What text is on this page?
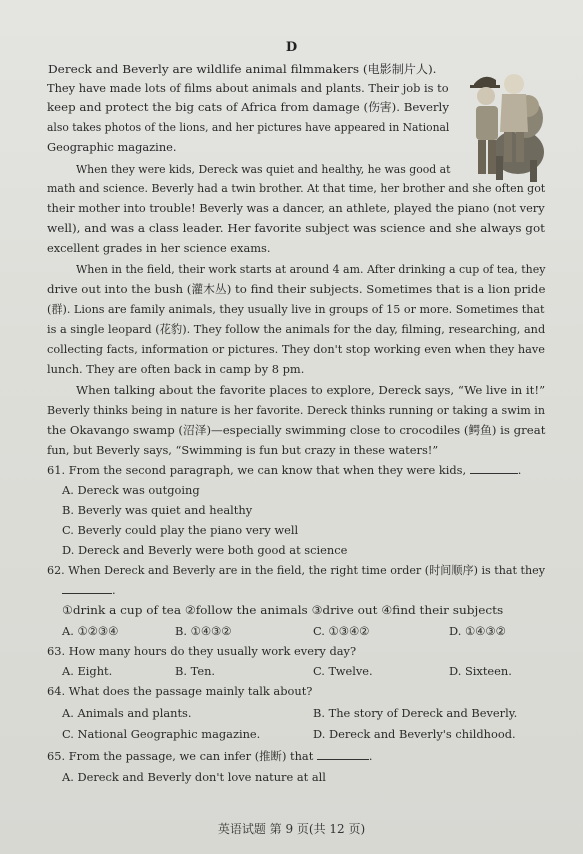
D
Dereck and Beverly are wildlife animal filmmakers (电影制片人).
They have made lots of films about animals and plants. Their job is to
keep and protect the big cats of Africa from damage (伤害). Beverly
also takes photos of the lions, and her pictures have appeared in National
Geographic magazine.
When they were kids, Dereck was quiet and healthy, he was good at
math and science. Beverly had a twin brother. At that time, her brother and she often got
their mother into trouble! Beverly was a dancer, an athlete, played the piano (not very
well), and was a class leader. Her favorite subject was science and she always got
excellent grades in her science exams.
When in the field, their work starts at around 4 am. After drinking a cup of tea, they
drive out into the bush (灌木丛) to find their subjects. Sometimes that is a lion pride
(群). Lions are family animals, they usually live in groups of 15 or more. Sometimes that
is a single leopard (花豹). They follow the animals for the day, filming, researching, and
collecting facts, information or pictures. They don't stop working even when they have
lunch. They are often back in camp by 8 pm.
When talking about the favorite places to explore, Dereck says, “We live in it!”
Beverly thinks being in nature is her favorite. Dereck thinks running or taking a swim in
the Okavango swamp (沼泽)—especially swimming close to crocodiles (鳄鱼) is great
fun, but Beverly says, “Swimming is fun but crazy in these waters!”
61. From the second paragraph, we can know that when they were kids,	.
A. Dereck was outgoing
B. Beverly was quiet and healthy
C. Beverly could play the piano very well
D. Dereck and Beverly were both good at science
62. When Dereck and Beverly are in the field, the right time order (时间顺序) is that they
.
①drink a cup of tea ②follow the animals ③drive out ④find their subjects
A. ①②③④	B. ①④③②	C. ①③④②	D. ①④③②
63. How many hours do they usually work every day?
A. Eight.	B. Ten.	C. Twelve.	D. Sixteen.
64. What does the passage mainly talk about?
A. Animals and plants.	B. The story of Dereck and Beverly.
C. National Geographic magazine.	D. Dereck and Beverly's childhood.
65. From the passage, we can infer (推断) that	.
A. Dereck and Beverly don't love nature at all
英语试题 第 9 页(共 12 页)
